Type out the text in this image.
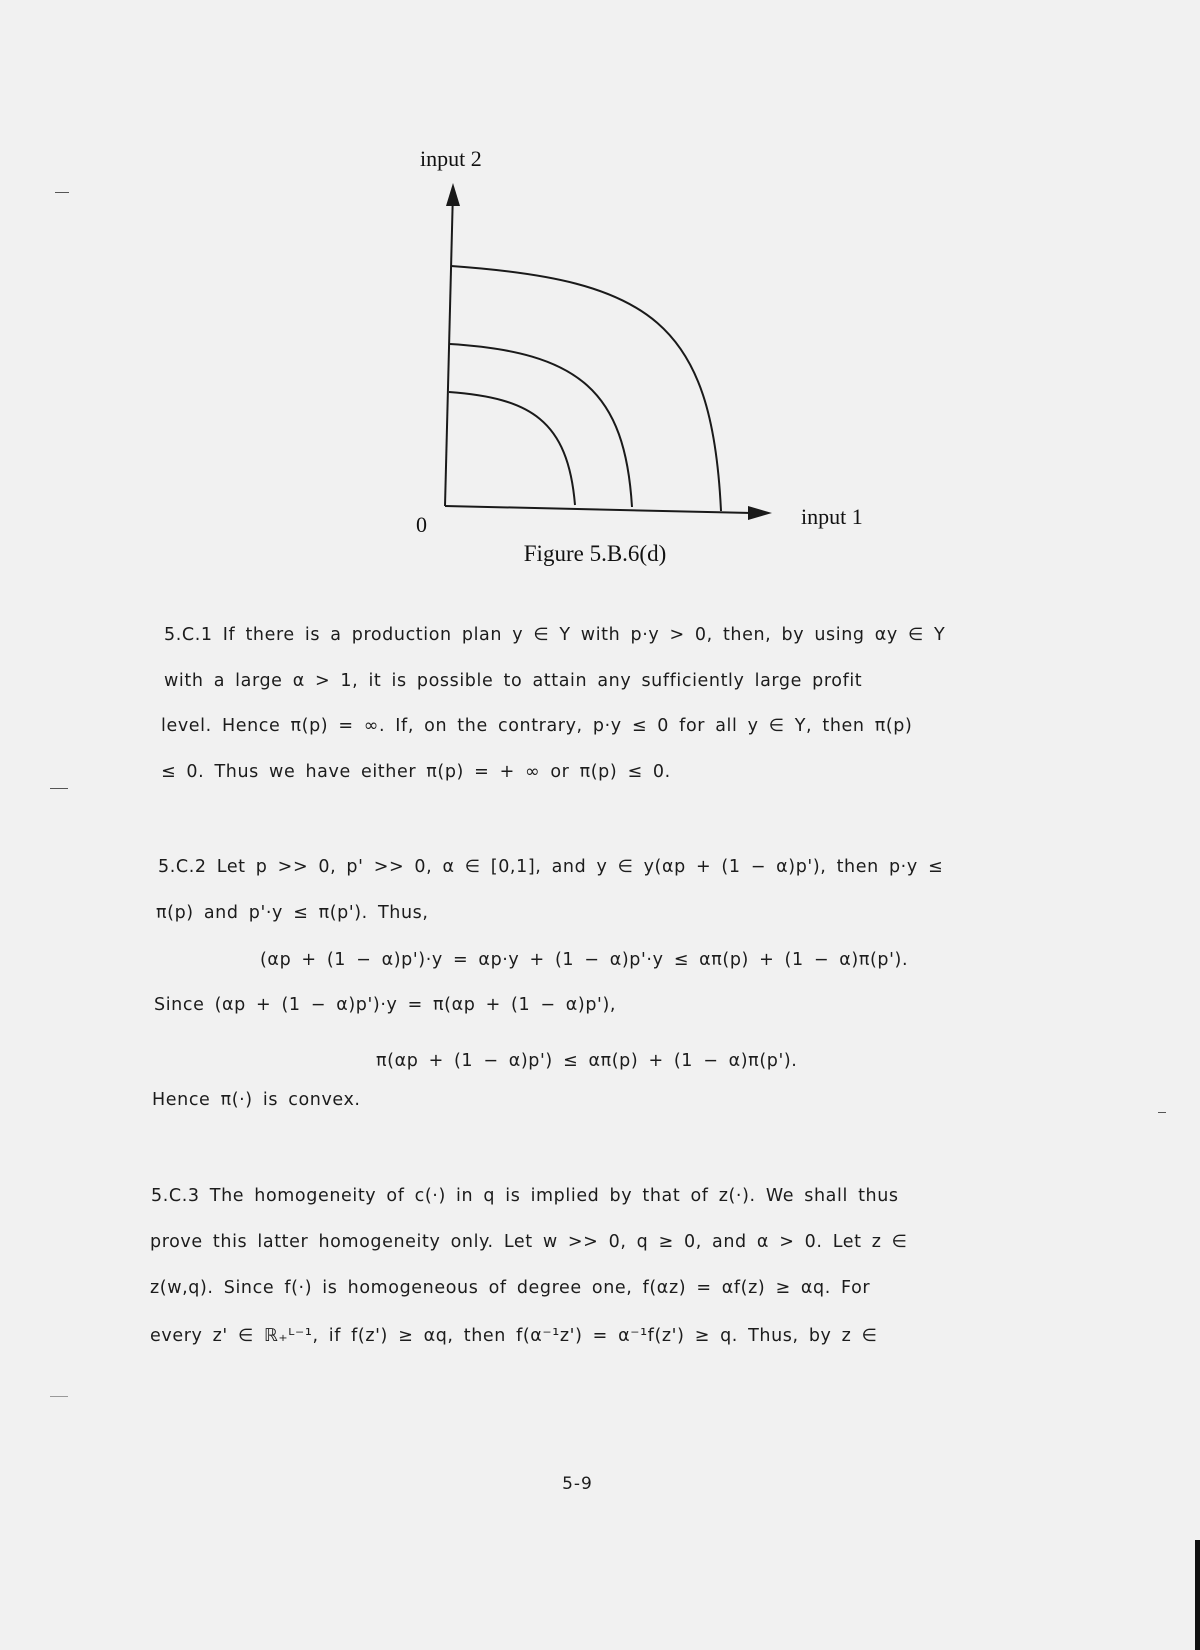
input 2
input 1
0
Figure 5.B.6(d)
5.C.1 If there is a production plan y ∈ Y with p·y > 0, then, by using αy ∈ Y
with a large α > 1, it is possible to attain any sufficiently large profit
level. Hence π(p) = ∞. If, on the contrary, p·y ≤ 0 for all y ∈ Y, then π(p)
≤ 0. Thus we have either π(p) = + ∞ or π(p) ≤ 0.
5.C.2 Let p >> 0, p' >> 0, α ∈ [0,1], and y ∈ y(αp + (1 − α)p'), then p·y ≤
π(p) and p'·y ≤ π(p'). Thus,
(αp + (1 − α)p')·y = αp·y + (1 − α)p'·y ≤ απ(p) + (1 − α)π(p').
Since (αp + (1 − α)p')·y = π(αp + (1 − α)p'),
π(αp + (1 − α)p') ≤ απ(p) + (1 − α)π(p').
Hence π(·) is convex.
5.C.3 The homogeneity of c(·) in q is implied by that of z(·). We shall thus
prove this latter homogeneity only. Let w >> 0, q ≥ 0, and α > 0. Let z ∈
z(w,q). Since f(·) is homogeneous of degree one, f(αz) = αf(z) ≥ αq. For
every z' ∈ ℝ₊ᴸ⁻¹, if f(z') ≥ αq, then f(α⁻¹z') = α⁻¹f(z') ≥ q. Thus, by z ∈
5-9
